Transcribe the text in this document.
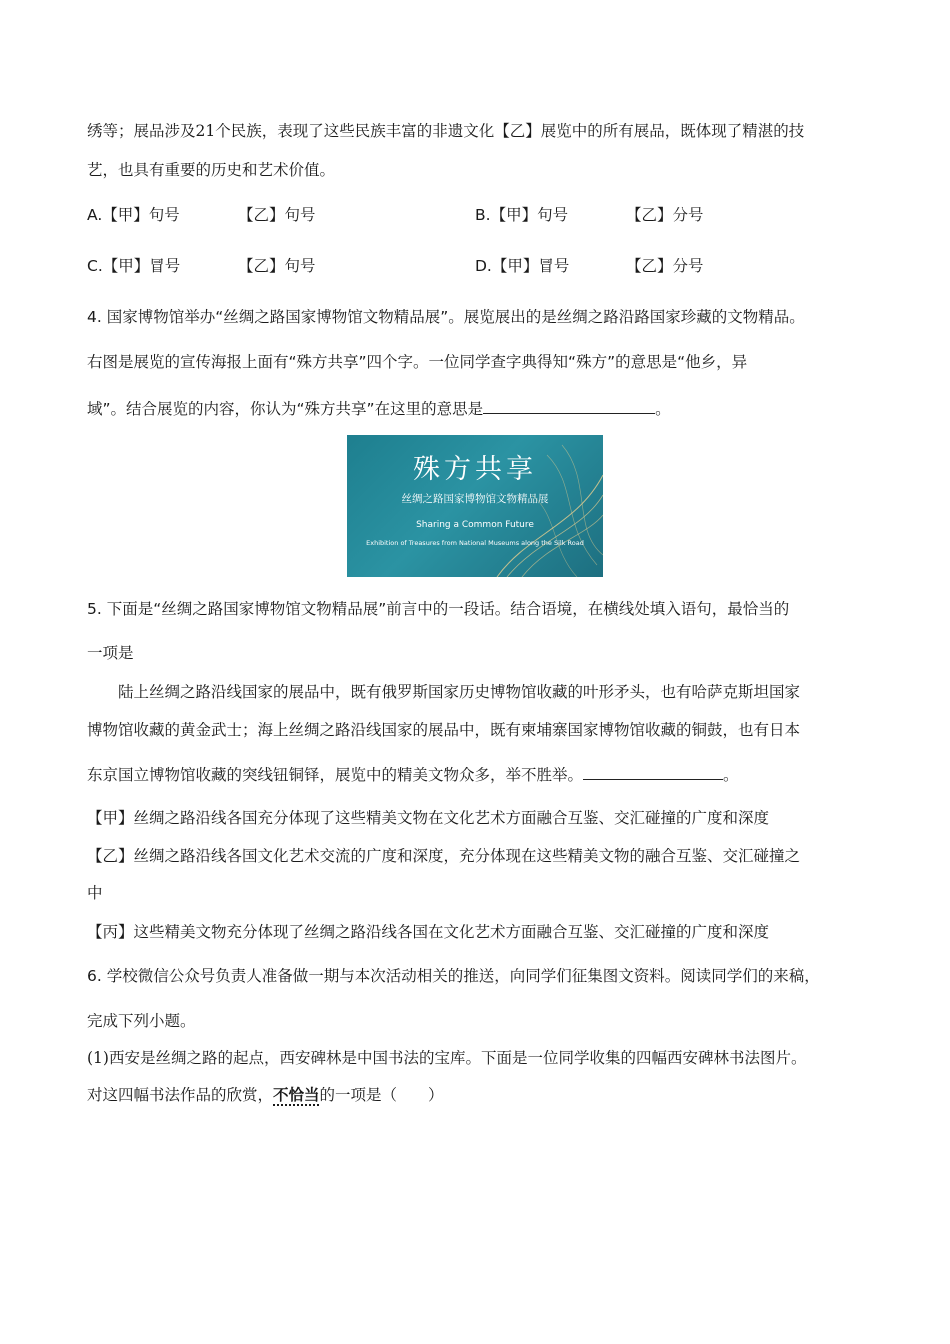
绣等；展品涉及21个民族，表现了这些民族丰富的非遗文化【乙】展览中的所有展品，既体现了精湛的技
艺，也具有重要的历史和艺术价值。
A.【甲】句号	【乙】句号	B.【甲】句号	【乙】分号
C.【甲】冒号	【乙】句号	D.【甲】冒号	【乙】分号
4. 国家博物馆举办“丝绸之路国家博物馆文物精品展”。展览展出的是丝绸之路沿路国家珍藏的文物精品。
右图是展览的宣传海报上面有“殊方共享”四个字。一位同学查字典得知“殊方”的意思是“他乡，异
域”。结合展览的内容，你认为“殊方共享”在这里的意思是	。
殊方共享
丝绸之路国家博物馆文物精品展
Sharing a Common Future
Exhibition of Treasures from National Museums along the Silk Road
5. 下面是“丝绸之路国家博物馆文物精品展”前言中的一段话。结合语境，在横线处填入语句，最恰当的
一项是
陆上丝绸之路沿线国家的展品中，既有俄罗斯国家历史博物馆收藏的叶形矛头，也有哈萨克斯坦国家
博物馆收藏的黄金武士；海上丝绸之路沿线国家的展品中，既有柬埔寨国家博物馆收藏的铜鼓，也有日本
东京国立博物馆收藏的突线钮铜铎，展览中的精美文物众多，举不胜举。	。
【甲】丝绸之路沿线各国充分体现了这些精美文物在文化艺术方面融合互鉴、交汇碰撞的广度和深度
【乙】丝绸之路沿线各国文化艺术交流的广度和深度，充分体现在这些精美文物的融合互鉴、交汇碰撞之
中
【丙】这些精美文物充分体现了丝绸之路沿线各国在文化艺术方面融合互鉴、交汇碰撞的广度和深度
6. 学校微信公众号负责人准备做一期与本次活动相关的推送，向同学们征集图文资料。阅读同学们的来稿，
完成下列小题。
(1)西安是丝绸之路的起点，西安碑林是中国书法的宝库。下面是一位同学收集的四幅西安碑林书法图片。
对这四幅书法作品的欣赏，不恰当的一项是（　　）
